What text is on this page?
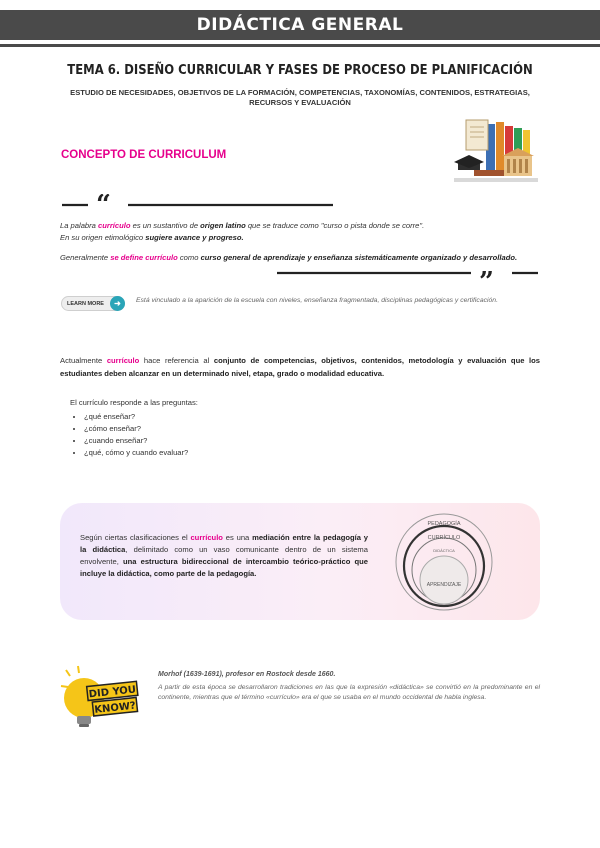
DIDÁCTICA GENERAL
TEMA 6. DISEÑO CURRICULAR Y FASES DE PROCESO DE PLANIFICACIÓN
ESTUDIO DE NECESIDADES, OBJETIVOS DE LA FORMACIÓN, COMPETENCIAS, TAXONOMÍAS, CONTENIDOS, ESTRATEGIAS, RECURSOS Y EVALUACIÓN
CONCEPTO DE CURRICULUM
“
La palabra currículo es un sustantivo de origen latino que se traduce como "curso o pista donde se corre".
En su origen etimológico sugiere avance y progreso.
Generalmente se define currículo como curso general de aprendizaje y enseñanza sistemáticamente organizado y desarrollado.
”
LEARN MORE	➜	Está vinculado a la aparición de la escuela con niveles, enseñanza fragmentada, disciplinas pedagógicas y certificación.
Actualmente currículo hace referencia al conjunto de competencias, objetivos, contenidos, metodología y evaluación que los estudiantes deben alcanzar en un determinado nivel, etapa, grado o modalidad educativa.
El currículo responde a las preguntas:
• ¿qué enseñar?
• ¿cómo enseñar?
• ¿cuando enseñar?
• ¿qué, cómo y cuando evaluar?
Según ciertas clasificaciones el currículo es una mediación entre la pedagogía y la didáctica, delimitado como un vaso comunicante dentro de un sistema envolvente, una estructura bidireccional de intercambio teórico-práctico que incluye la didáctica, como parte de la pedagogía.
PEDAGOGÍA
CURRÍCULO
DIDÁCTICA
APRENDIZAJE
DID YOU
KNOW?
Morhof (1639-1691), profesor en Rostock desde 1660.
A partir de esta época se desarrollaron tradiciones en las que la expresión «didáctica» se convirtió en la predominante en el continente, mientras que el término «currículo» era el que se usaba en el mundo occidental de habla inglesa.
